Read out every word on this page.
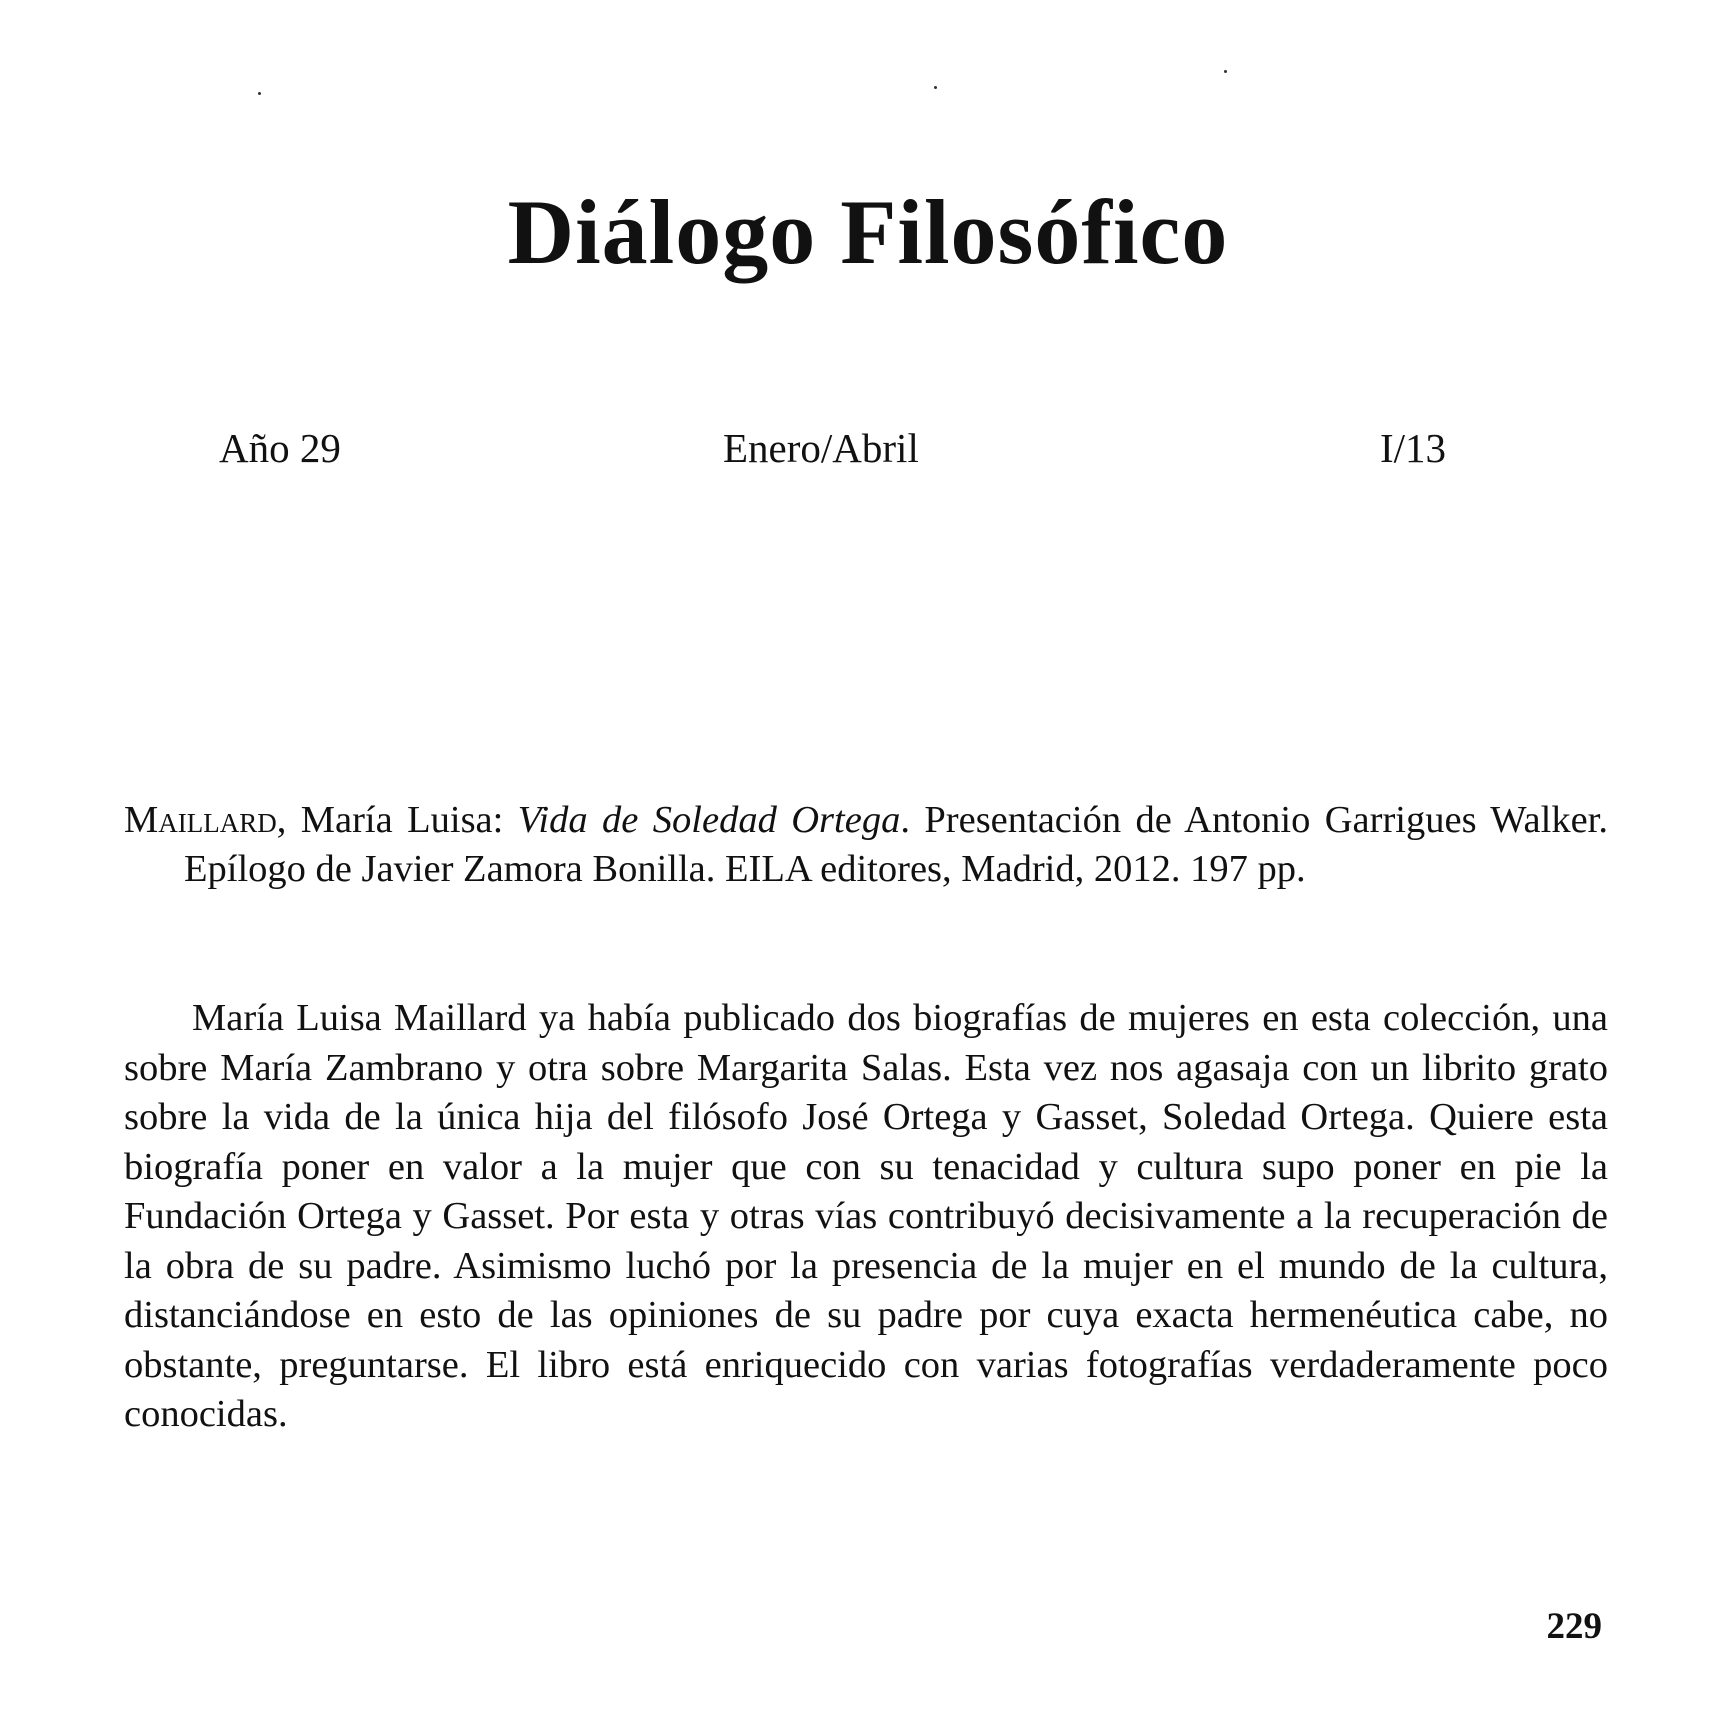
Diálogo Filosófico
Año 29	Enero/Abril	I/13
Maillard, María Luisa: Vida de Soledad Ortega. Presentación de Antonio Garrigues Walker. Epílogo de Javier Zamora Bonilla. EILA editores, Madrid, 2012. 197 pp.

María Luisa Maillard ya había publicado dos biografías de mujeres en esta colección, una sobre María Zambrano y otra sobre Margarita Salas. Esta vez nos agasaja con un librito grato sobre la vida de la única hija del filósofo José Ortega y Gasset, Soledad Ortega. Quiere esta biografía poner en valor a la mujer que con su tenacidad y cultura supo poner en pie la Fundación Ortega y Gasset. Por esta y otras vías contribuyó decisivamente a la recuperación de la obra de su padre. Asimismo luchó por la presencia de la mujer en el mundo de la cultura, distanciándose en esto de las opiniones de su padre por cuya exacta hermenéutica cabe, no obstante, preguntarse. El libro está enriquecido con varias fotografías verdaderamente poco conocidas.

229
